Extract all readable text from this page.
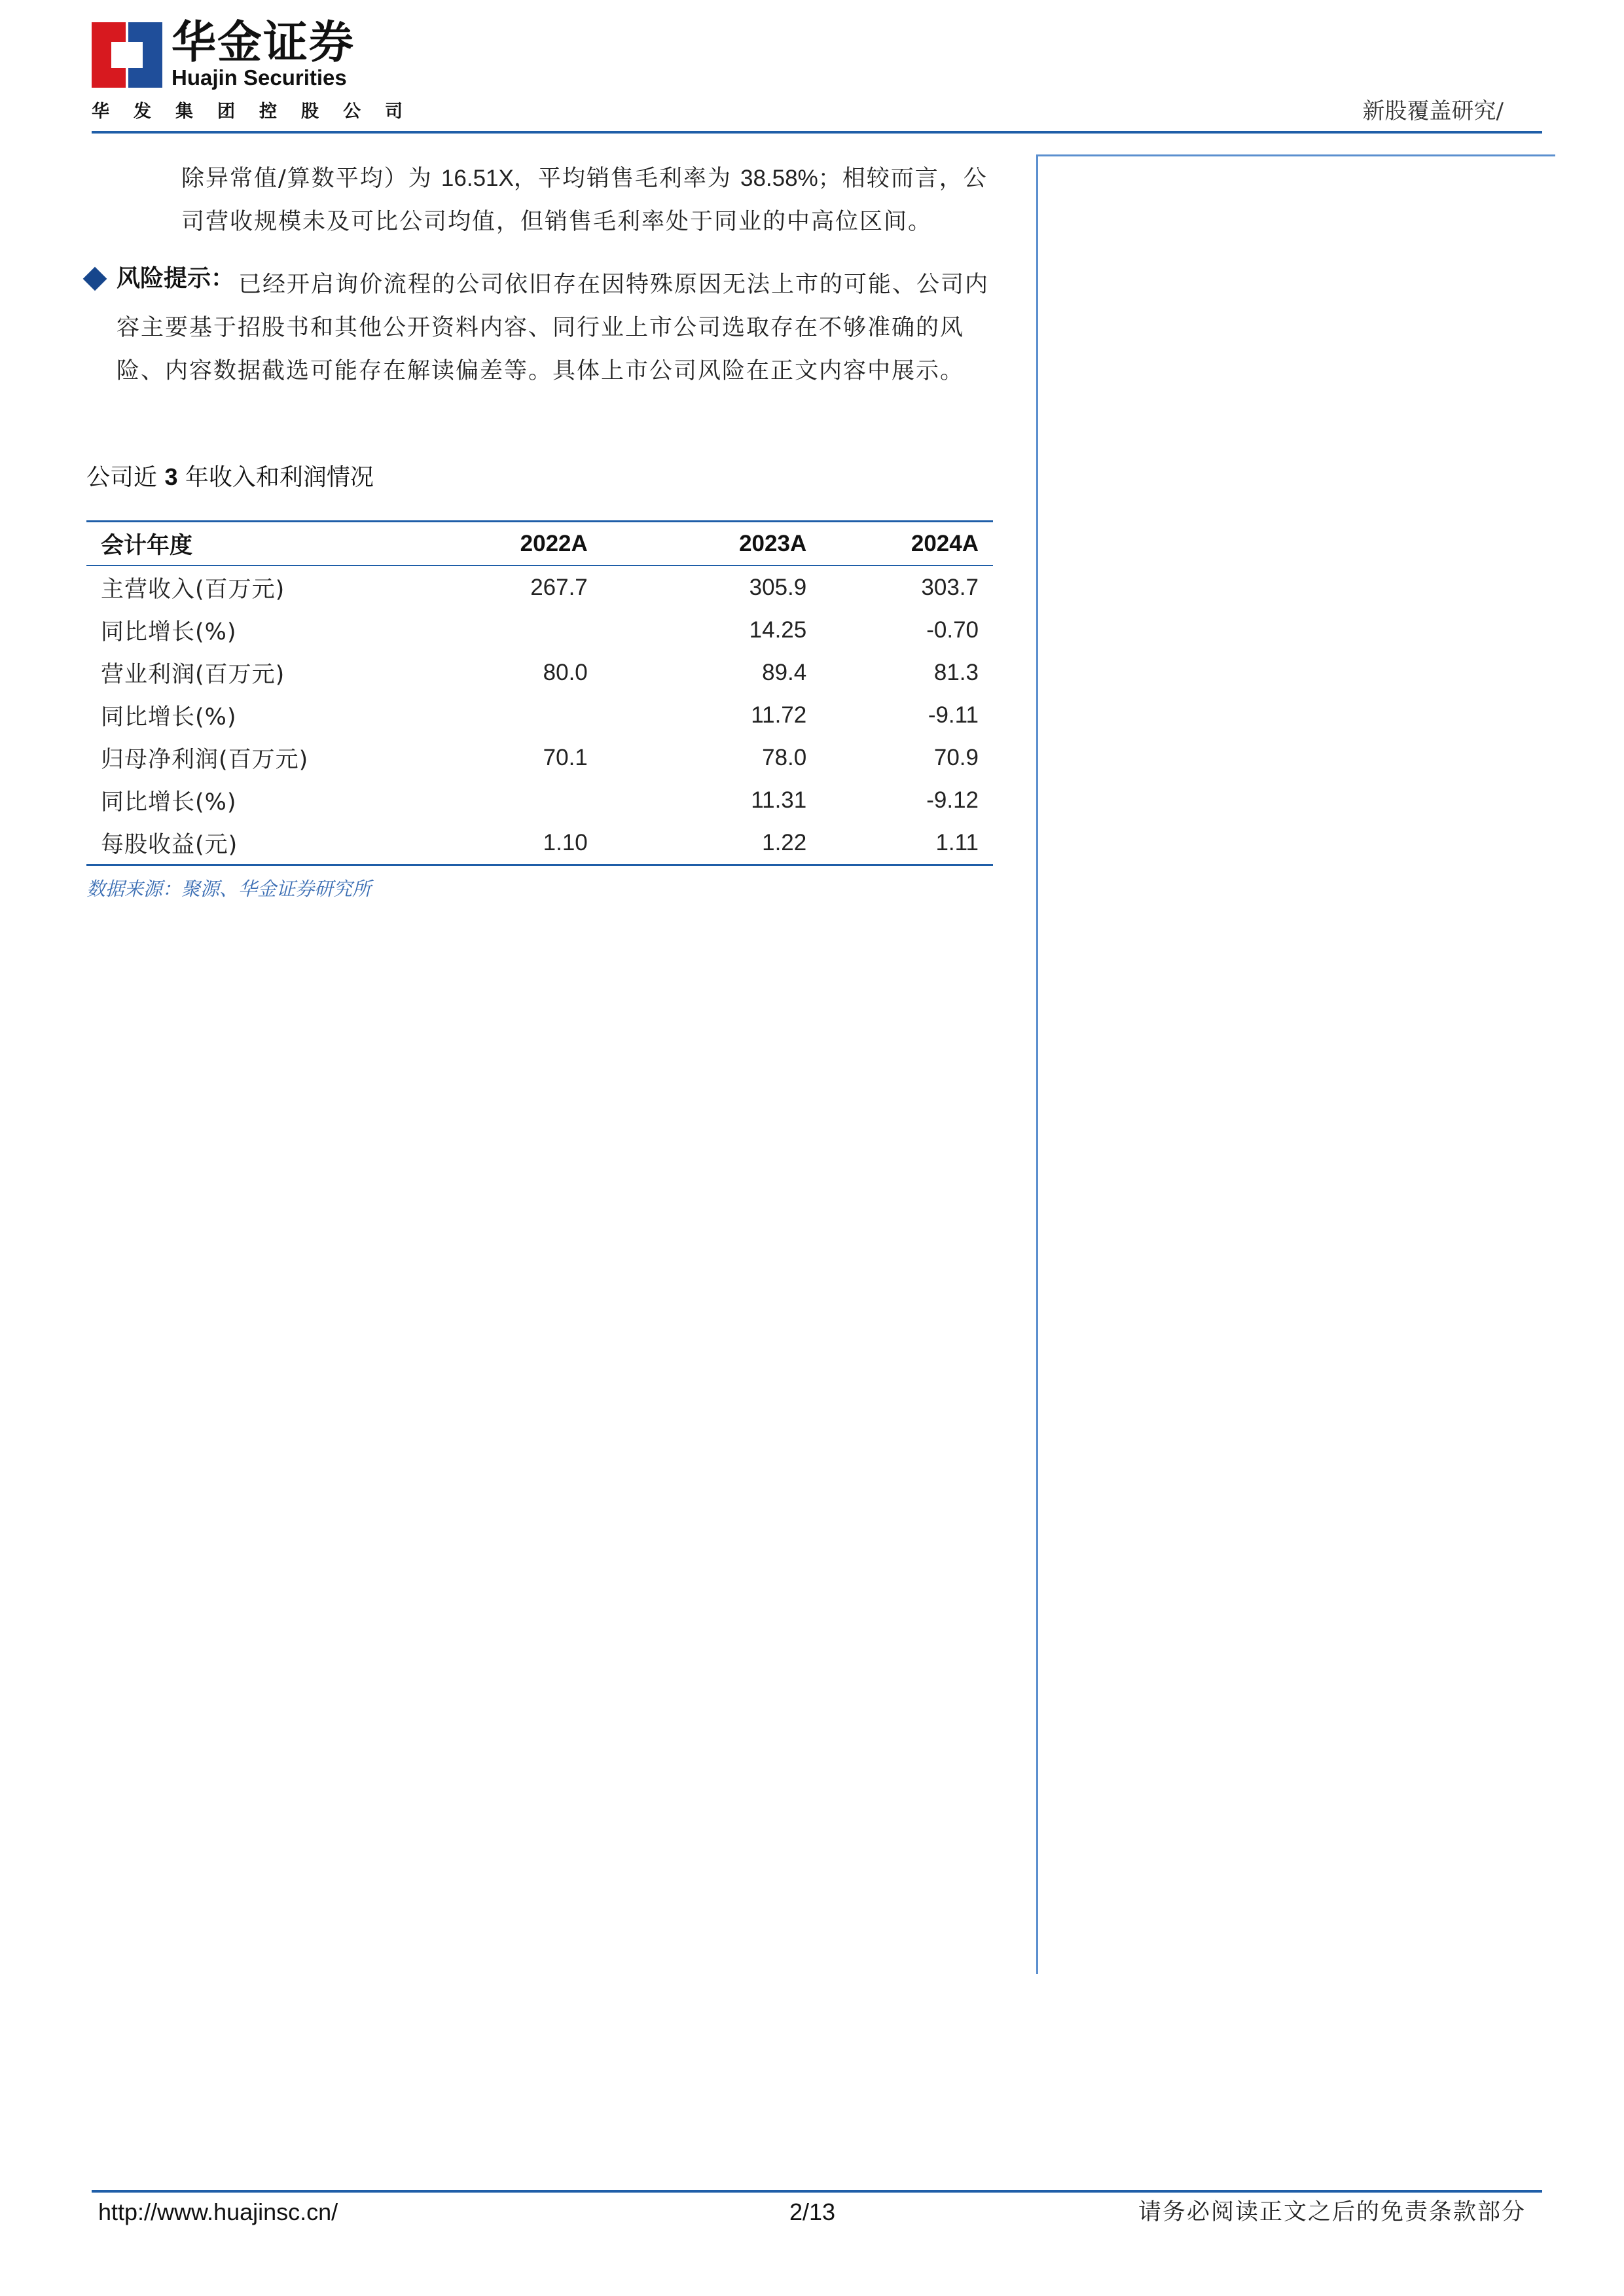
华金证券
Huajin Securities
华发集团控股公司	新股覆盖研究/
除异常值/算数平均）为 16.51X，平均销售毛利率为 38.58%；相较而言，公
司营收规模未及可比公司均值，但销售毛利率处于同业的中高位区间。
风险提示： 已经开启询价流程的公司依旧存在因特殊原因无法上市的可能、公司内
容主要基于招股书和其他公开资料内容、同行业上市公司选取存在不够准确的风
险、内容数据截选可能存在解读偏差等。具体上市公司风险在正文内容中展示。
公司近 3 年收入和利润情况
会计年度	2022A	2023A	2024A
主营收入(百万元)	267.7	305.9	303.7
同比增长(%)		14.25	-0.70
营业利润(百万元)	80.0	89.4	81.3
同比增长(%)		11.72	-9.11
归母净利润(百万元)	70.1	78.0	70.9
同比增长(%)		11.31	-9.12
每股收益(元)	1.10	1.22	1.11
数据来源：聚源、华金证券研究所
http://www.huajinsc.cn/	2/13	请务必阅读正文之后的免责条款部分
